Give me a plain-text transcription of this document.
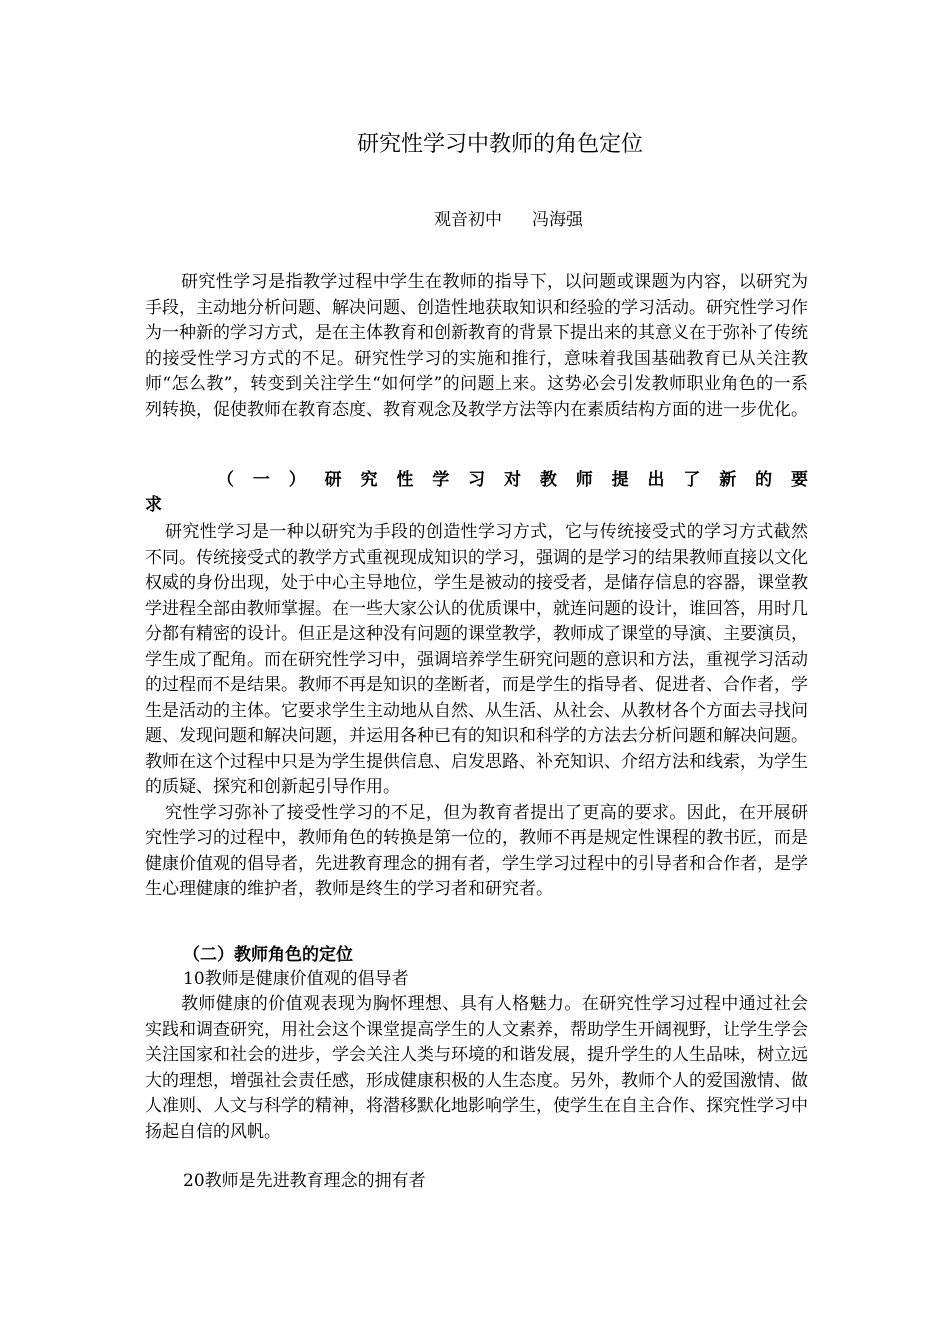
研究性学习中教师的角色定位
观音初中 冯海强

研究性学习是指教学过程中学生在教师的指导下，以问题或课题为内容，以研究为手段，主动地分析问题、解决问题、创造性地获取知识和经验的学习活动。研究性学习作为一种新的学习方式，是在主体教育和创新教育的背景下提出来的其意义在于弥补了传统的接受性学习方式的不足。研究性学习的实施和推行，意味着我国基础教育已从关注教师“怎么教”，转变到关注学生“如何学”的问题上来。这势必会引发教师职业角色的一系列转换，促使教师在教育态度、教育观念及教学方法等内在素质结构方面的进一步优化。

（ 一 ） 研 究 性 学 习 对 教 师 提 出 了 新 的 要
求

研究性学习是一种以研究为手段的创造性学习方式，它与传统接受式的学习方式截然不同。传统接受式的教学方式重视现成知识的学习，强调的是学习的结果教师直接以文化权威的身份出现，处于中心主导地位，学生是被动的接受者，是储存信息的容器，课堂教学进程全部由教师掌握。在一些大家公认的优质课中，就连问题的设计，谁回答，用时几分都有精密的设计。但正是这种没有问题的课堂教学，教师成了课堂的导演、主要演员，学生成了配角。而在研究性学习中，强调培养学生研究问题的意识和方法，重视学习活动的过程而不是结果。教师不再是知识的垄断者，而是学生的指导者、促进者、合作者，学生是活动的主体。它要求学生主动地从自然、从生活、从社会、从教材各个方面去寻找问题、发现问题和解决问题，并运用各种已有的知识和科学的方法去分析问题和解决问题。教师在这个过程中只是为学生提供信息、启发思路、补充知识、介绍方法和线索，为学生的质疑、探究和创新起引导作用。

究性学习弥补了接受性学习的不足，但为教育者提出了更高的要求。因此，在开展研究性学习的过程中，教师角色的转换是第一位的，教师不再是规定性课程的教书匠，而是健康价值观的倡导者，先进教育理念的拥有者，学生学习过程中的引导者和合作者，是学生心理健康的维护者，教师是终生的学习者和研究者。

（二）教师角色的定位
10教师是健康价值观的倡导者

教师健康的价值观表现为胸怀理想、具有人格魅力。在研究性学习过程中通过社会实践和调查研究，用社会这个课堂提高学生的人文素养，帮助学生开阔视野，让学生学会关注国家和社会的进步，学会关注人类与环境的和谐发展，提升学生的人生品味，树立远大的理想，增强社会责任感，形成健康积极的人生态度。另外，教师个人的爱国激情、做人准则、人文与科学的精神，将潜移默化地影响学生，使学生在自主合作、探究性学习中扬起自信的风帆。

20教师是先进教育理念的拥有者
